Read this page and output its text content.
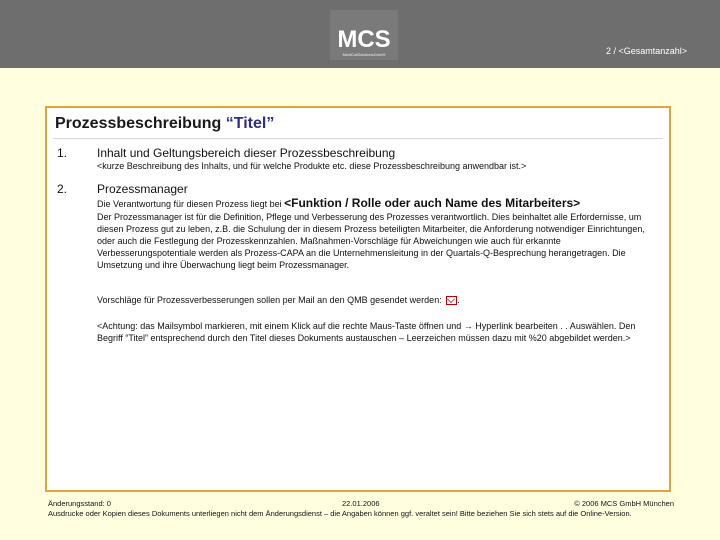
MCS
MediCalSolutionsGmbH	2 / <Gesamtanzahl>
Prozessbeschreibung “Titel”
1. Inhalt und Geltungsbereich dieser Prozessbeschreibung
<kurze Beschreibung des Inhalts, und für welche Produkte etc. diese Prozessbeschreibung anwendbar ist.>
2. Prozessmanager
Die Verantwortung für diesen Prozess liegt bei <Funktion / Rolle oder auch Name des Mitarbeiters>
Der Prozessmanager ist für die Definition, Pflege und Verbesserung des Prozesses verantwortlich. Dies beinhaltet alle Erfordernisse, um diesen Prozess gut zu leben, z.B. die Schulung der in diesem Prozess beteiligten Mitarbeiter, die Anforderung notwendiger Einrichtungen, oder auch die Festlegung der Prozesskennzahlen. Maßnahmen-Vorschläge für Abweichungen wie auch für erkannte Verbesserungspotentiale werden als Prozess-CAPA an die Unternehmensleitung in der Quartals-Q-Besprechung herangetragen. Die Umsetzung und ihre Überwachung liegt beim Prozessmanager.
Vorschläge für Prozessverbesserungen sollen per Mail an den QMB gesendet werden: .
<Achtung: das Mailsymbol markieren, mit einem Klick auf die rechte Maus-Taste öffnen und → Hyperlink bearbeiten . . Auswählen. Den Begriff “Titel” entsprechend durch den Titel dieses Dokuments austauschen – Leerzeichen müssen dazu mit %20 abgebildet werden.>
Änderungsstand: 0	22.01.2006	© 2006 MCS GmbH München
Ausdrucke oder Kopien dieses Dokuments unterliegen nicht dem Änderungsdienst – die Angaben können ggf. veraltet sein! Bitte beziehen Sie sich stets auf die Online-Version.
